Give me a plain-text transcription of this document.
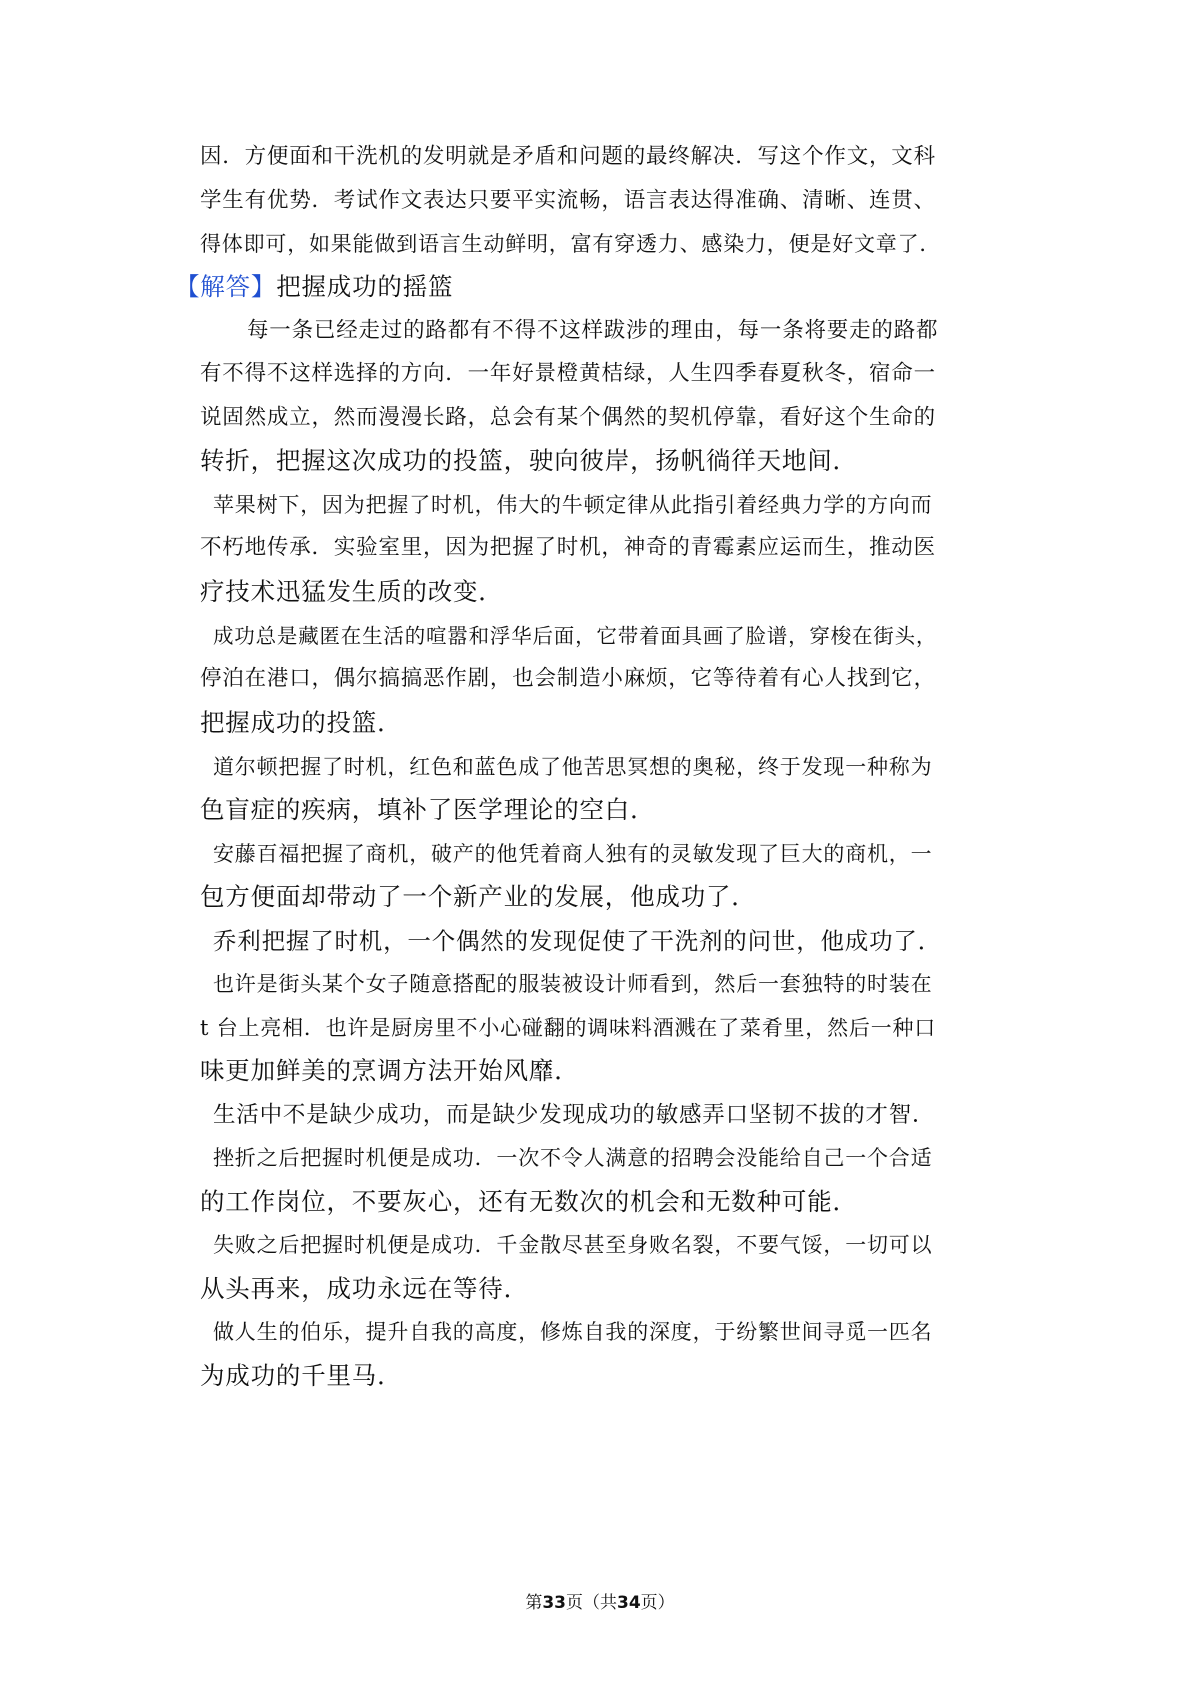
因．方便面和干洗机的发明就是矛盾和问题的最终解决．写这个作文，文科
学生有优势．考试作文表达只要平实流畅，语言表达得准确、清晰、连贯、
得体即可，如果能做到语言生动鲜明，富有穿透力、感染力，便是好文章了．
【解答】把握成功的摇篮
每一条已经走过的路都有不得不这样跋涉的理由，每一条将要走的路都
有不得不这样选择的方向．一年好景橙黄桔绿，人生四季春夏秋冬，宿命一
说固然成立，然而漫漫长路，总会有某个偶然的契机停靠，看好这个生命的
转折，把握这次成功的投篮，驶向彼岸，扬帆徜徉天地间．
苹果树下，因为把握了时机，伟大的牛顿定律从此指引着经典力学的方向而
不朽地传承．实验室里，因为把握了时机，神奇的青霉素应运而生，推动医
疗技术迅猛发生质的改变．
成功总是藏匿在生活的喧嚣和浮华后面，它带着面具画了脸谱，穿梭在街头，
停泊在港口，偶尔搞搞恶作剧，也会制造小麻烦，它等待着有心人找到它，
把握成功的投篮．
道尔顿把握了时机，红色和蓝色成了他苦思冥想的奥秘，终于发现一种称为
色盲症的疾病，填补了医学理论的空白．
安藤百福把握了商机，破产的他凭着商人独有的灵敏发现了巨大的商机，一
包方便面却带动了一个新产业的发展，他成功了．
乔利把握了时机，一个偶然的发现促使了干洗剂的问世，他成功了．
也许是街头某个女子随意搭配的服装被设计师看到，然后一套独特的时装在
t 台上亮相．也许是厨房里不小心碰翻的调味料酒溅在了菜肴里，然后一种口
味更加鲜美的烹调方法开始风靡．
生活中不是缺少成功，而是缺少发现成功的敏感弄口坚韧不拔的才智．
挫折之后把握时机便是成功．一次不令人满意的招聘会没能给自己一个合适
的工作岗位，不要灰心，还有无数次的机会和无数种可能．
失败之后把握时机便是成功．千金散尽甚至身败名裂，不要气馁，一切可以
从头再来，成功永远在等待．
做人生的伯乐，提升自我的高度，修炼自我的深度，于纷繁世间寻觅一匹名
为成功的千里马．
第33页（共34页）
